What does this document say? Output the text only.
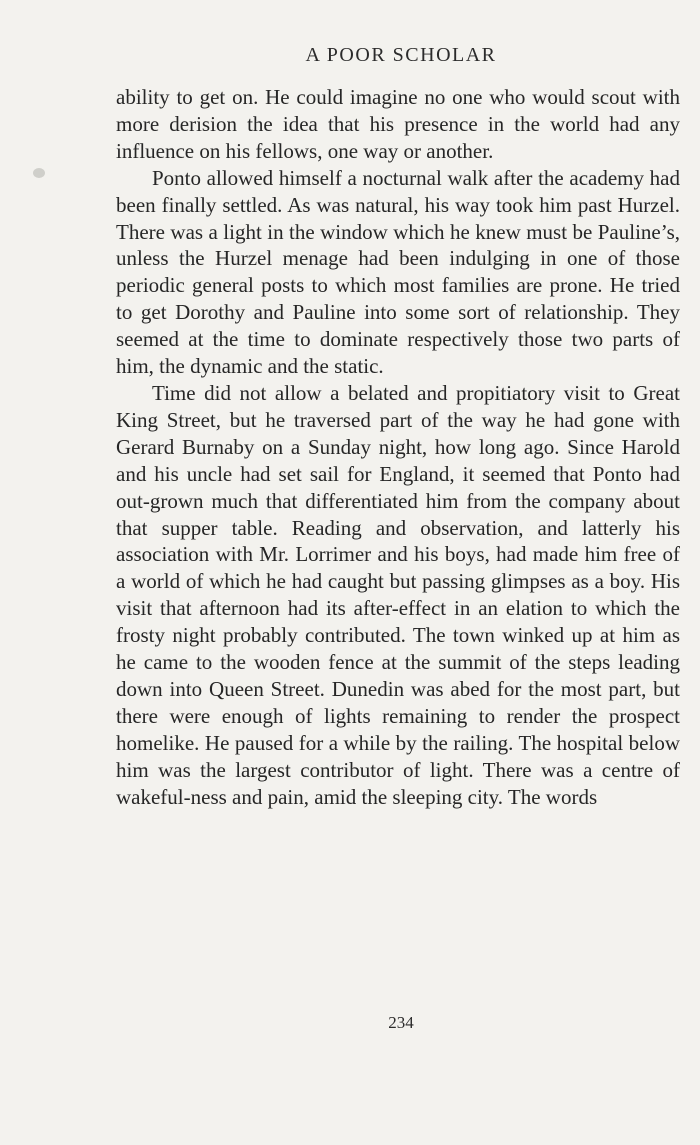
A POOR SCHOLAR

ability to get on. He could imagine no one who would scout with more derision the idea that his presence in the world had any influence on his fellows, one way or another.

Ponto allowed himself a nocturnal walk after the academy had been finally settled. As was natural, his way took him past Hurzel. There was a light in the window which he knew must be Pauline’s, unless the Hurzel menage had been indulging in one of those periodic general posts to which most families are prone. He tried to get Dorothy and Pauline into some sort of relationship. They seemed at the time to dominate respectively those two parts of him, the dynamic and the static.

Time did not allow a belated and propitiatory visit to Great King Street, but he traversed part of the way he had gone with Gerard Burnaby on a Sunday night, how long ago. Since Harold and his uncle had set sail for England, it seemed that Ponto had out-grown much that differentiated him from the company about that supper table. Reading and observation, and latterly his association with Mr. Lorrimer and his boys, had made him free of a world of which he had caught but passing glimpses as a boy. His visit that afternoon had its after-effect in an elation to which the frosty night probably contributed. The town winked up at him as he came to the wooden fence at the summit of the steps leading down into Queen Street. Dunedin was abed for the most part, but there were enough of lights remaining to render the prospect homelike. He paused for a while by the railing. The hospital below him was the largest contributor of light. There was a centre of wakeful-ness and pain, amid the sleeping city. The words

234
